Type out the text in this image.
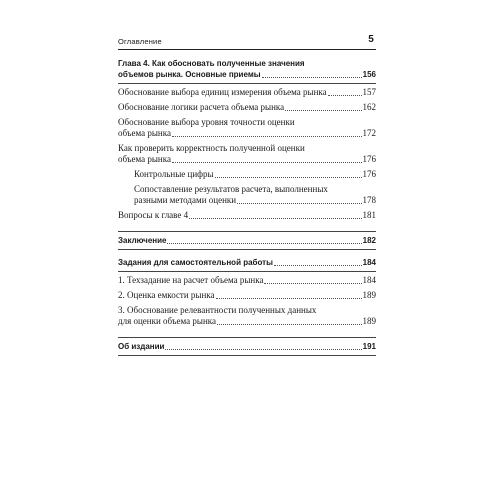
Оглавление	5
Глава 4. Как обосновать полученные значения
объемов рынка. Основные приемы	156
Обоснование выбора единиц измерения объема рынка	157
Обоснование логики расчета объема рынка	162
Обоснование выбора уровня точности оценки
объема рынка	172
Как проверить корректность полученной оценки
объема рынка	176
Контрольные цифры	176
Сопоставление результатов расчета, выполненных
разными методами оценки	178
Вопросы к главе 4	181
Заключение	182
Задания для самостоятельной работы	184
1. Техзадание на расчет объема рынка	184
2. Оценка емкости рынка	189
3. Обоснование релевантности полученных данных
для оценки объема рынка	189
Об издании	191
